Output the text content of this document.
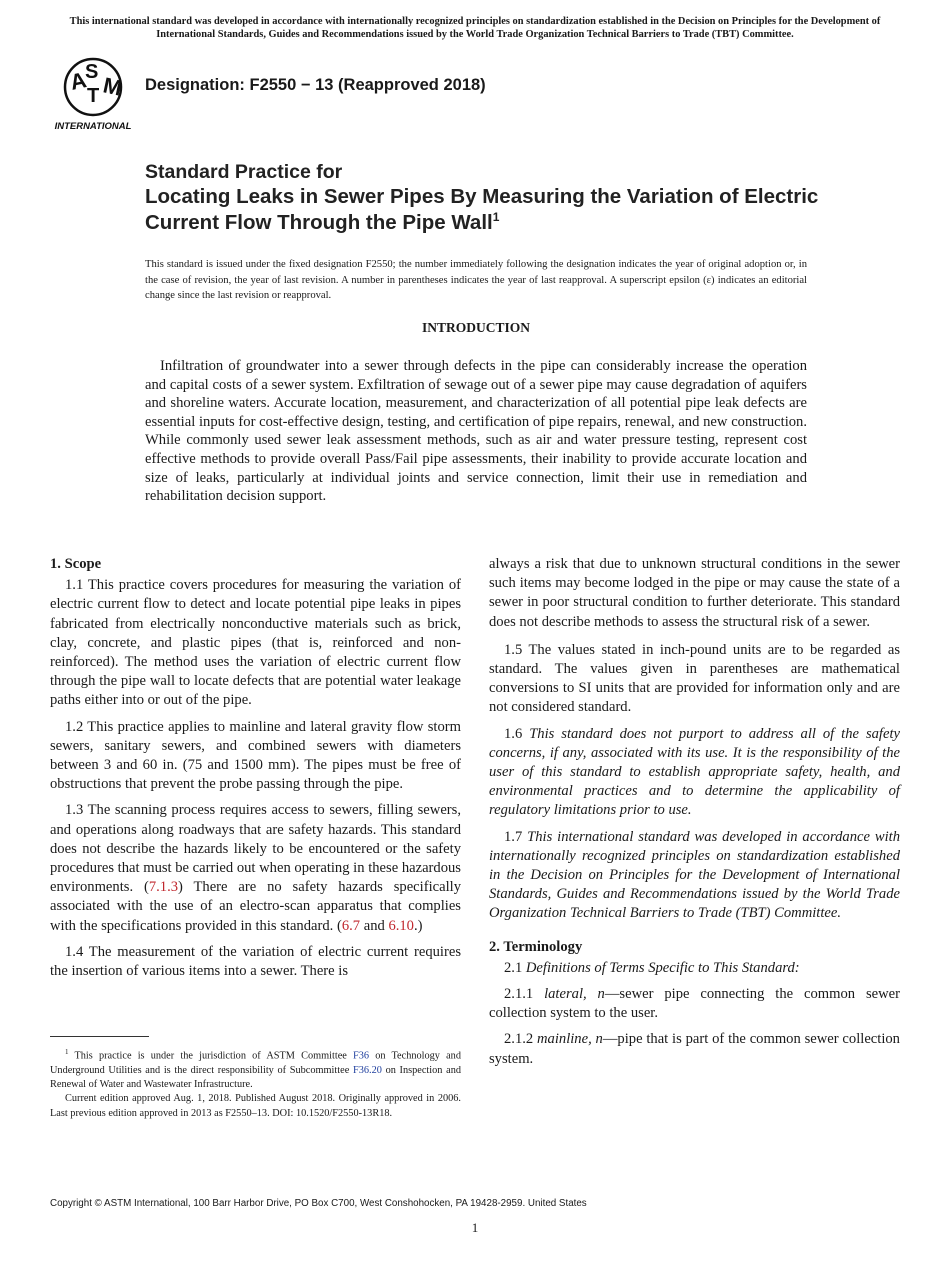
This international standard was developed in accordance with internationally recognized principles on standardization established in the Decision on Principles for the Development of International Standards, Guides and Recommendations issued by the World Trade Organization Technical Barriers to Trade (TBT) Committee.
A
S
T M
INTERNATIONAL
Designation: F2550 − 13 (Reapproved 2018)
Standard Practice for
Locating Leaks in Sewer Pipes By Measuring the Variation of Electric Current Flow Through the Pipe Wall$^1$
This standard is issued under the fixed designation F2550; the number immediately following the designation indicates the year of original adoption or, in the case of revision, the year of last revision. A number in parentheses indicates the year of last reapproval. A superscript epsilon (ε) indicates an editorial change since the last revision or reapproval.
INTRODUCTION

Infiltration of groundwater into a sewer through defects in the pipe can considerably increase the operation and capital costs of a sewer system. Exfiltration of sewage out of a sewer pipe may cause degradation of aquifers and shoreline waters. Accurate location, measurement, and characterization of all potential pipe leak defects are essential inputs for cost-effective design, testing, and certification of pipe repairs, renewal, and new construction. While commonly used sewer leak assessment methods, such as air and water pressure testing, represent cost effective methods to provide overall Pass/Fail pipe assessments, their inability to provide accurate location and size of leaks, particularly at individual joints and service connection, limit their use in remediation and rehabilitation decision support.

1. Scope

1.1 This practice covers procedures for measuring the variation of electric current flow to detect and locate potential pipe leaks in pipes fabricated from electrically nonconductive materials such as brick, clay, concrete, and plastic pipes (that is, reinforced and non-reinforced). The method uses the variation of electric current flow through the pipe wall to locate defects that are potential water leakage paths either into or out of the pipe.

1.2 This practice applies to mainline and lateral gravity flow storm sewers, sanitary sewers, and combined sewers with diameters between 3 and 60 in. (75 and 1500 mm). The pipes must be free of obstructions that prevent the probe passing through the pipe.

1.3 The scanning process requires access to sewers, filling sewers, and operations along roadways that are safety hazards. This standard does not describe the hazards likely to be encountered or the safety procedures that must be carried out when operating in these hazardous environments. (7.1.3) There are no safety hazards specifically associated with the use of an electro-scan apparatus that complies with the specifications provided in this standard. (6.7 and 6.10.)

1.4 The measurement of the variation of electric current requires the insertion of various items into a sewer. There is

always a risk that due to unknown structural conditions in the sewer such items may become lodged in the pipe or may cause the state of a sewer in poor structural condition to further deteriorate. This standard does not describe methods to assess the structural risk of a sewer.

1.5 The values stated in inch-pound units are to be regarded as standard. The values given in parentheses are mathematical conversions to SI units that are provided for information only and are not considered standard.

1.6 This standard does not purport to address all of the safety concerns, if any, associated with its use. It is the responsibility of the user of this standard to establish appropriate safety, health, and environmental practices and to determine the applicability of regulatory limitations prior to use.

1.7 This international standard was developed in accordance with internationally recognized principles on standardization established in the Decision on Principles for the Development of International Standards, Guides and Recommendations issued by the World Trade Organization Technical Barriers to Trade (TBT) Committee.

2. Terminology

2.1 Definitions of Terms Specific to This Standard:

2.1.1 lateral, n—sewer pipe connecting the common sewer collection system to the user.

2.1.2 mainline, n—pipe that is part of the common sewer collection system.

$^1$ This practice is under the jurisdiction of ASTM Committee F36 on Technology and Underground Utilities and is the direct responsibility of Subcommittee F36.20 on Inspection and Renewal of Water and Wastewater Infrastructure.

Current edition approved Aug. 1, 2018. Published August 2018. Originally approved in 2006. Last previous edition approved in 2013 as F2550–13. DOI: 10.1520/F2550-13R18.

Copyright © ASTM International, 100 Barr Harbor Drive, PO Box C700, West Conshohocken, PA 19428-2959. United States
1
